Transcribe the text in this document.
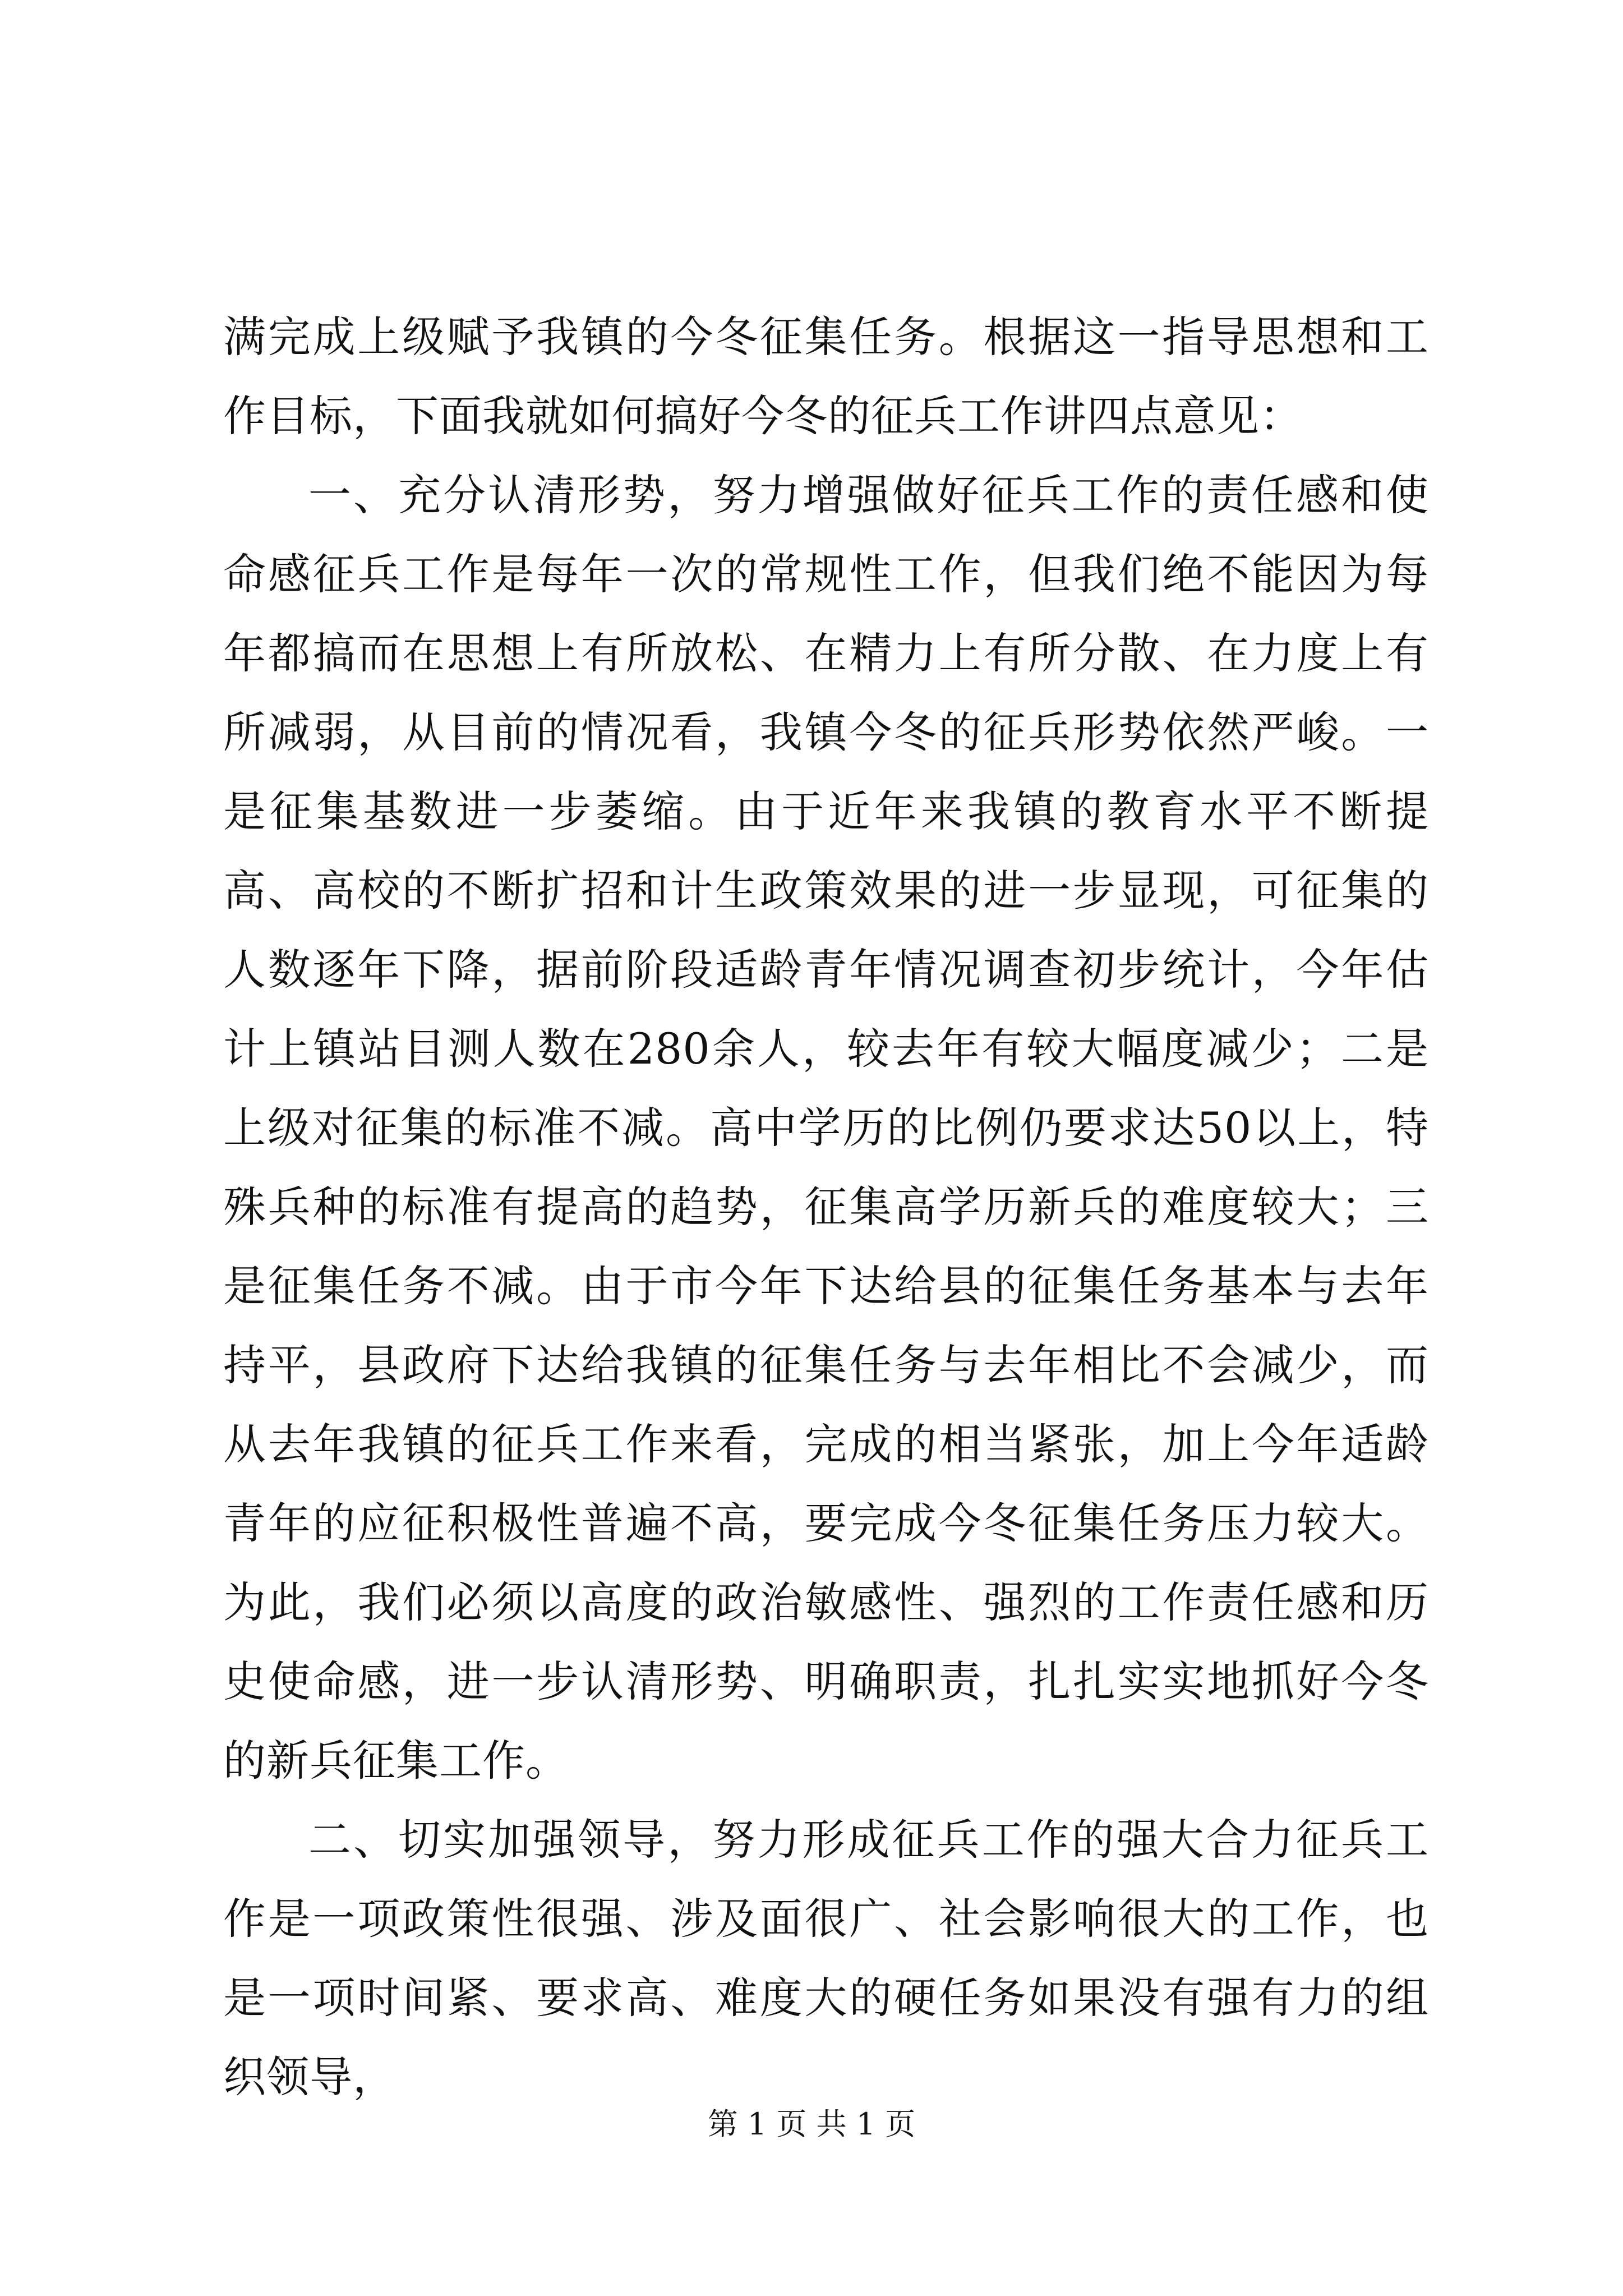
满完成上级赋予我镇的今冬征集任务。根据这一指导思想和工作目标，下面我就如何搞好今冬的征兵工作讲四点意见：

一、充分认清形势，努力增强做好征兵工作的责任感和使命感征兵工作是每年一次的常规性工作，但我们绝不能因为每年都搞而在思想上有所放松、在精力上有所分散、在力度上有所减弱，从目前的情况看，我镇今冬的征兵形势依然严峻。一是征集基数进一步萎缩。由于近年来我镇的教育水平不断提高、高校的不断扩招和计生政策效果的进一步显现，可征集的人数逐年下降，据前阶段适龄青年情况调查初步统计，今年估计上镇站目测人数在280余人，较去年有较大幅度减少；二是上级对征集的标准不减。高中学历的比例仍要求达50以上，特殊兵种的标准有提高的趋势，征集高学历新兵的难度较大；三是征集任务不减。由于市今年下达给县的征集任务基本与去年持平，县政府下达给我镇的征集任务与去年相比不会减少，而从去年我镇的征兵工作来看，完成的相当紧张，加上今年适龄青年的应征积极性普遍不高，要完成今冬征集任务压力较大。为此，我们必须以高度的政治敏感性、强烈的工作责任感和历史使命感，进一步认清形势、明确职责，扎扎实实地抓好今冬的新兵征集工作。

二、切实加强领导，努力形成征兵工作的强大合力征兵工作是一项政策性很强、涉及面很广、社会影响很大的工作，也是一项时间紧、要求高、难度大的硬任务如果没有强有力的组织领导，

第 1 页 共 1 页
